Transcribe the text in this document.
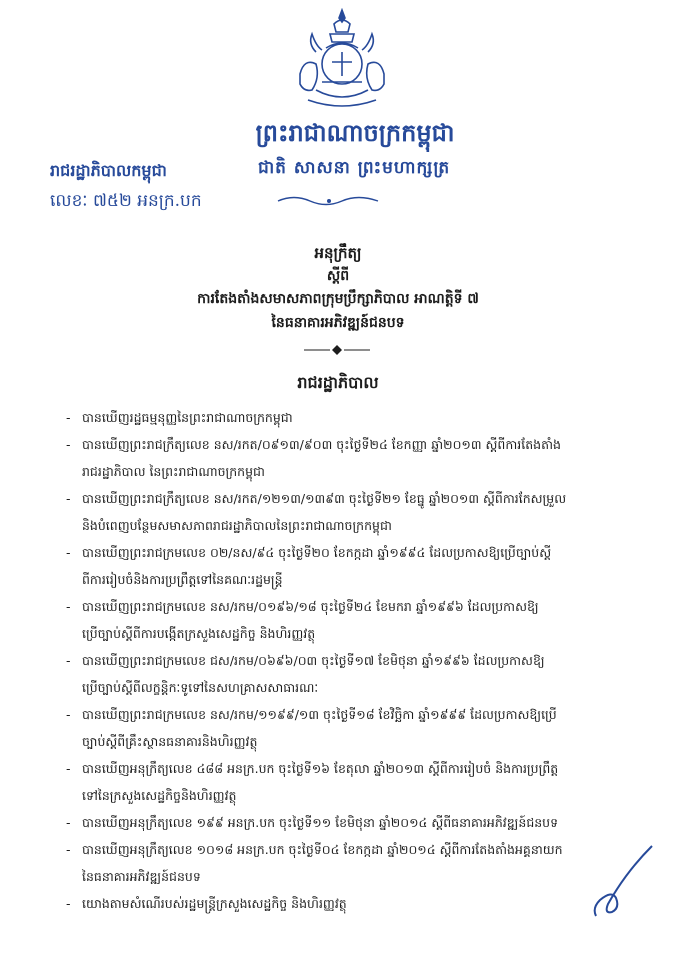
ព្រះរាជាណាចក្រកម្ពុជា
រាជរដ្ឋាភិបាលកម្ពុជា	ជាតិ សាសនា ព្រះមហាក្សត្រ
លេខៈ ៧៥២ អនក្រ.បក
អនុក្រឹត្យ
ស្តីពី
ការតែងតាំងសមាសភាពក្រុមប្រឹក្សាភិបាល អាណត្តិទី ៧
នៃធនាគារអភិវឌ្ឍន៍ជនបទ
រាជរដ្ឋាភិបាល
- បានឃើញរដ្ឋធម្មនុញ្ញនៃព្រះរាជាណាចក្រកម្ពុជា
- បានឃើញព្រះរាជក្រឹត្យលេខ នស/រកត/០៩១៣/៩០៣ ចុះថ្ងៃទី២៤ ខែកញ្ញា ឆ្នាំ២០១៣ ស្តីពីការតែងតាំង
រាជរដ្ឋាភិបាល នៃព្រះរាជាណាចក្រកម្ពុជា
- បានឃើញព្រះរាជក្រឹត្យលេខ នស/រកត/១២១៣/១៣៩៣ ចុះថ្ងៃទី២១ ខែធ្នូ ឆ្នាំ២០១៣ ស្តីពីការកែសម្រួល
និងបំពេញបន្ថែមសមាសភាពរាជរដ្ឋាភិបាលនៃព្រះរាជាណាចក្រកម្ពុជា
- បានឃើញព្រះរាជក្រមលេខ ០២/នស/៩៤ ចុះថ្ងៃទី២០ ខែកក្កដា ឆ្នាំ១៩៩៤ ដែលប្រកាសឱ្យប្រើច្បាប់ស្តី
ពីការរៀបចំនិងការប្រព្រឹត្តទៅនៃគណៈរដ្ឋមន្ត្រី
- បានឃើញព្រះរាជក្រមលេខ នស/រកម/០១៩៦/១៨ ចុះថ្ងៃទី២៤ ខែមករា ឆ្នាំ១៩៩៦ ដែលប្រកាសឱ្យ
ប្រើច្បាប់ស្តីពីការបង្កើតក្រសួងសេដ្ឋកិច្ច និងហិរញ្ញវត្ថុ
- បានឃើញព្រះរាជក្រមលេខ ជស/រកម/០៦៩៦/០៣ ចុះថ្ងៃទី១៧ ខែមិថុនា ឆ្នាំ១៩៩៦ ដែលប្រកាសឱ្យ
ប្រើច្បាប់ស្តីពីលក្ខន្តិកៈទូទៅនៃសហគ្រាសសាធារណៈ
- បានឃើញព្រះរាជក្រមលេខ នស/រកម/១១៩៩/១៣ ចុះថ្ងៃទី១៨ ខែវិច្ឆិកា ឆ្នាំ១៩៩៩ ដែលប្រកាសឱ្យប្រើ
ច្បាប់ស្តីពីគ្រឹះស្ថានធនាគារនិងហិរញ្ញវត្ថុ
- បានឃើញអនុក្រឹត្យលេខ ៤៨៨ អនក្រ.បក ចុះថ្ងៃទី១៦ ខែតុលា ឆ្នាំ២០១៣ ស្តីពីការរៀបចំ និងការប្រព្រឹត្ត
ទៅនៃក្រសួងសេដ្ឋកិច្ចនិងហិរញ្ញវត្ថុ
- បានឃើញអនុក្រឹត្យលេខ ១៩៩ អនក្រ.បក ចុះថ្ងៃទី១១ ខែមិថុនា ឆ្នាំ២០១៤ ស្តីពីធនាគារអភិវឌ្ឍន៍ជនបទ
- បានឃើញអនុក្រឹត្យលេខ ១០១៨ អនក្រ.បក ចុះថ្ងៃទី០៤ ខែកក្កដា ឆ្នាំ២០១៤ ស្តីពីការតែងតាំងអគ្គនាយក
នៃធនាគារអភិវឌ្ឍន៍ជនបទ
- យោងតាមសំណើរបស់រដ្ឋមន្ត្រីក្រសួងសេដ្ឋកិច្ច និងហិរញ្ញវត្ថុ
